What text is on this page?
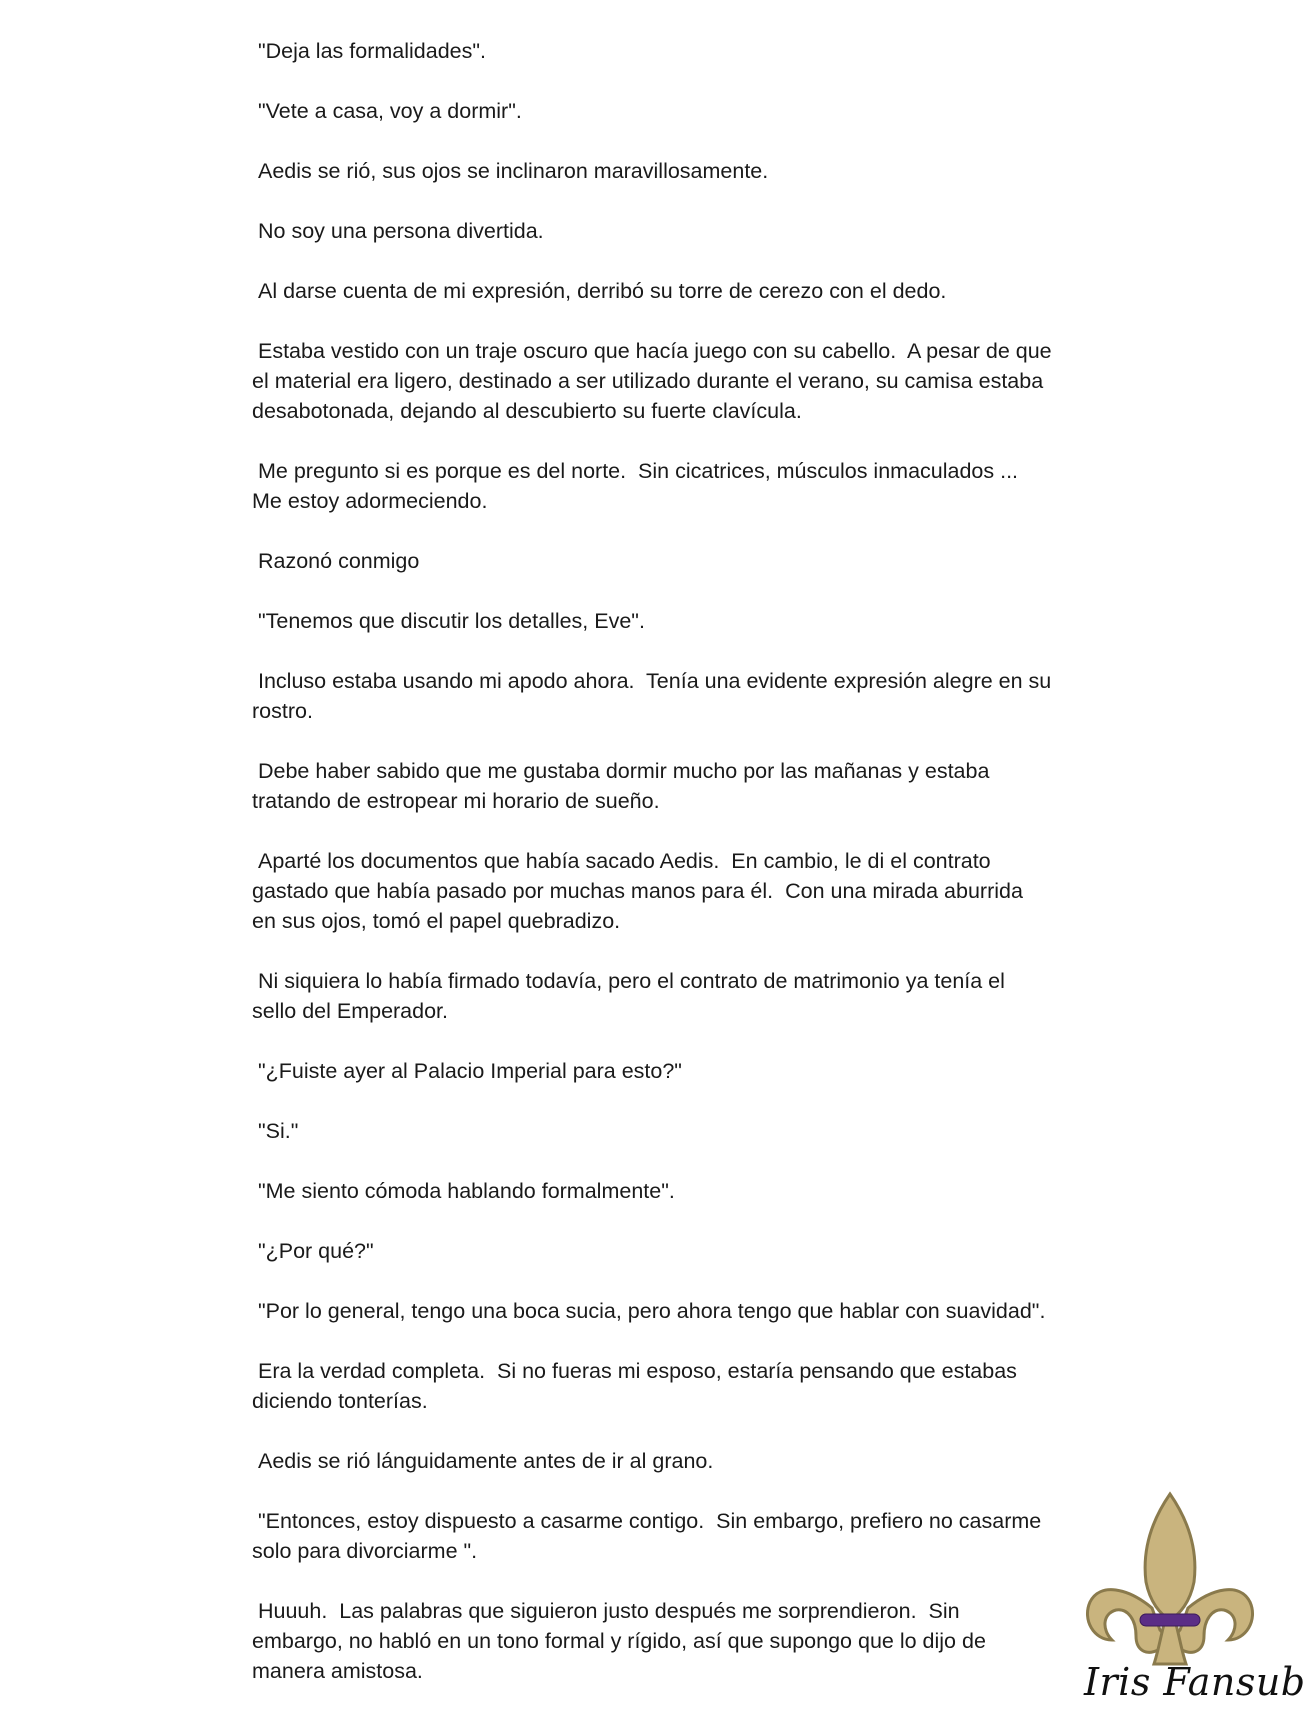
"Deja las formalidades".

"Vete a casa, voy a dormir".

Aedis se rió, sus ojos se inclinaron maravillosamente.

No soy una persona divertida.

Al darse cuenta de mi expresión, derribó su torre de cerezo con el dedo.

Estaba vestido con un traje oscuro que hacía juego con su cabello.  A pesar de que el material era ligero, destinado a ser utilizado durante el verano, su camisa estaba desabotonada, dejando al descubierto su fuerte clavícula.

Me pregunto si es porque es del norte.  Sin cicatrices, músculos inmaculados ... Me estoy adormeciendo.

Razonó conmigo

"Tenemos que discutir los detalles, Eve".

Incluso estaba usando mi apodo ahora.  Tenía una evidente expresión alegre en su rostro.

Debe haber sabido que me gustaba dormir mucho por las mañanas y estaba tratando de estropear mi horario de sueño.

Aparté los documentos que había sacado Aedis.  En cambio, le di el contrato gastado que había pasado por muchas manos para él.  Con una mirada aburrida en sus ojos, tomó el papel quebradizo.

Ni siquiera lo había firmado todavía, pero el contrato de matrimonio ya tenía el sello del Emperador.

"¿Fuiste ayer al Palacio Imperial para esto?"

"Si."

"Me siento cómoda hablando formalmente".

"¿Por qué?"

"Por lo general, tengo una boca sucia, pero ahora tengo que hablar con suavidad".

Era la verdad completa.  Si no fueras mi esposo, estaría pensando que estabas diciendo tonterías.

Aedis se rió lánguidamente antes de ir al grano.

"Entonces, estoy dispuesto a casarme contigo.  Sin embargo, prefiero no casarme solo para divorciarme ".

Huuuh.  Las palabras que siguieron justo después me sorprendieron.  Sin embargo, no habló en un tono formal y rígido, así que supongo que lo dijo de manera amistosa.	Iris Fansub
